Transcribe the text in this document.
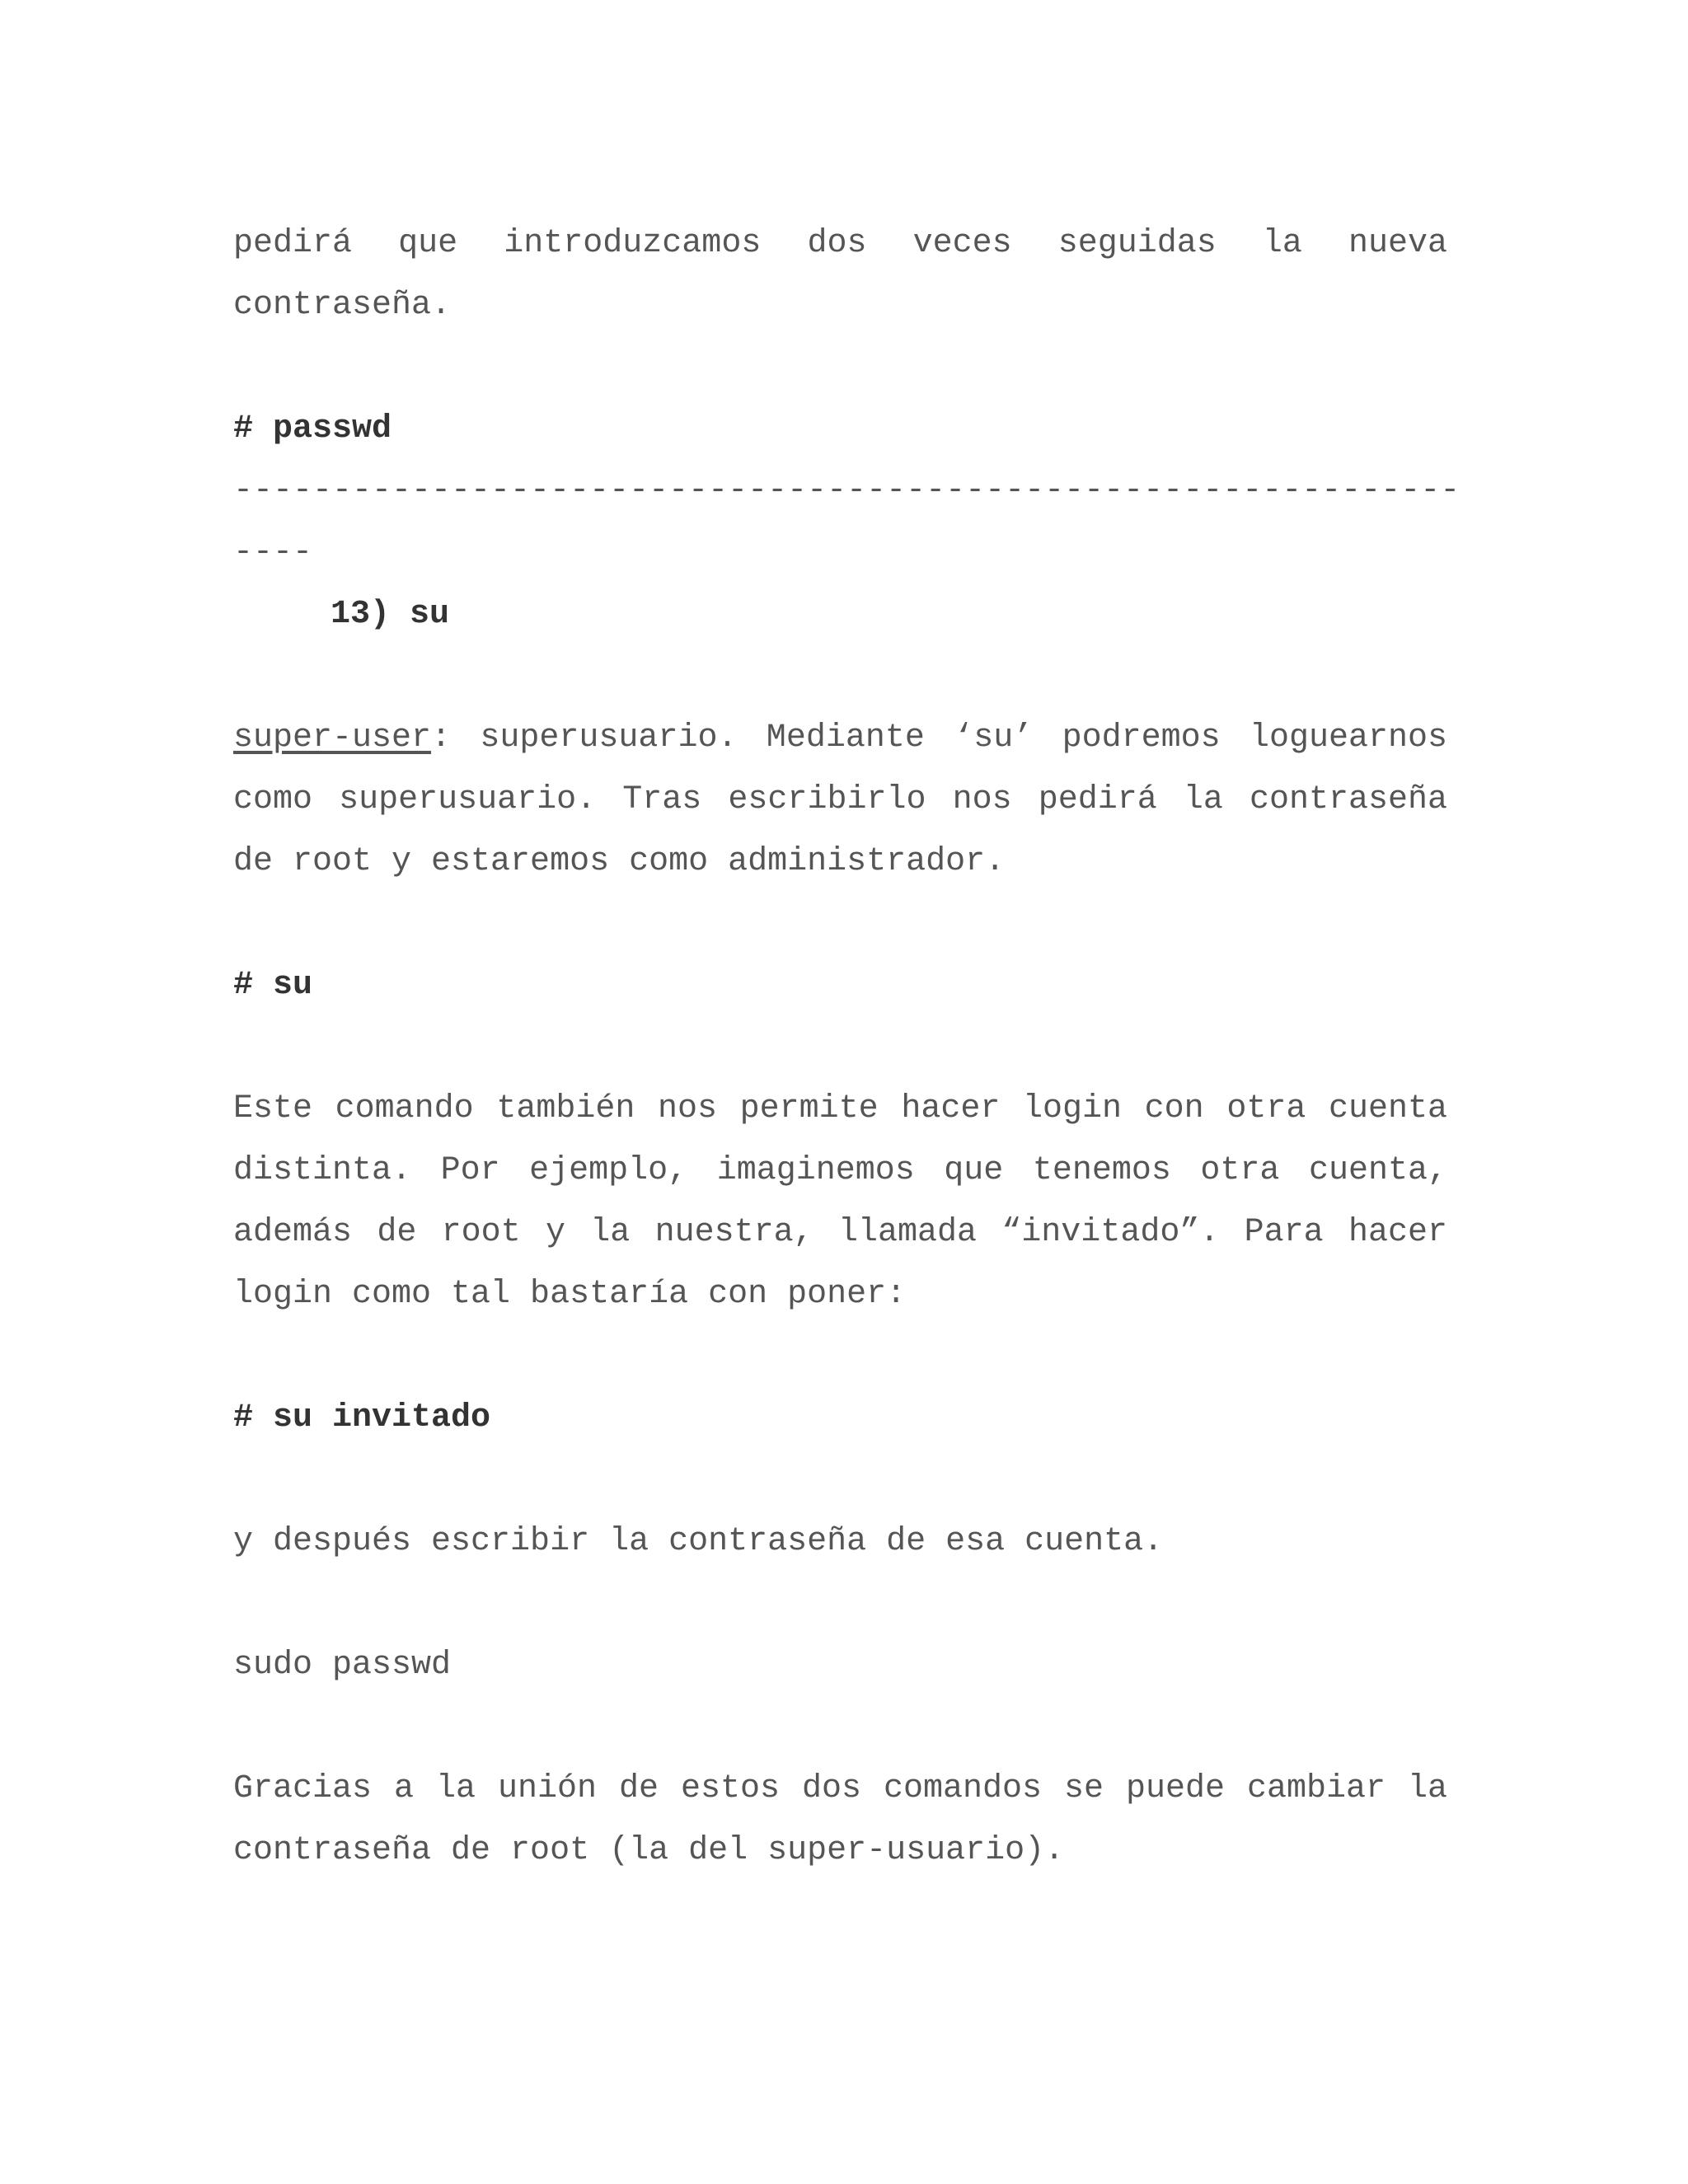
pedirá que introduzcamos dos veces seguidas la nueva contraseña.

# passwd

--------------------------------------------------------------

----

13) su

super-user: superusuario. Mediante ‘su’ podremos loguearnos como superusuario. Tras escribirlo nos pedirá la contraseña de root y estaremos como administrador.

# su

Este comando también nos permite hacer login con otra cuenta distinta. Por ejemplo, imaginemos que tenemos otra cuenta, además de root y la nuestra, llamada “invitado”. Para hacer login como tal bastaría con poner:

# su invitado

y después escribir la contraseña de esa cuenta.

sudo passwd

Gracias a la unión de estos dos comandos se puede cambiar la contraseña de root (la del super-usuario).
